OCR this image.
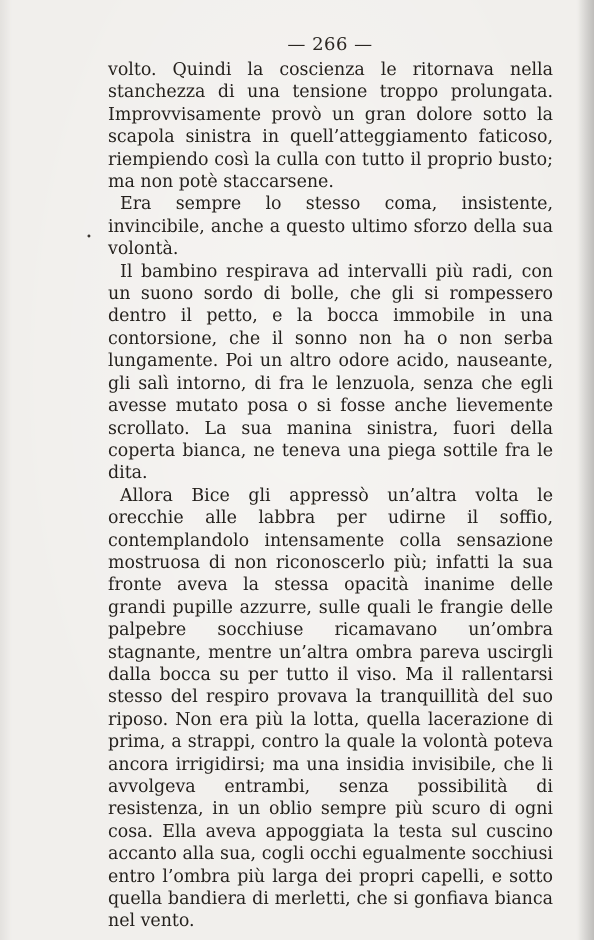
— 266 —
•

volto. Quindi la coscienza le ritornava nella stanchezza di una tensione troppo prolungata. Improvvisamente provò un gran dolore sotto la scapola sinistra in quell’atteggiamento faticoso, riempiendo così la culla con tutto il proprio busto; ma non potè staccarsene.

Era sempre lo stesso coma, insistente, invincibile, anche a questo ultimo sforzo della sua volontà.

Il bambino respirava ad intervalli più radi, con un suono sordo di bolle, che gli si rompessero dentro il petto, e la bocca immobile in una contorsione, che il sonno non ha o non serba lungamente. Poi un altro odore acido, nauseante, gli salì intorno, di fra le lenzuola, senza che egli avesse mutato posa o si fosse anche lievemente scrollato. La sua manina sinistra, fuori della coperta bianca, ne teneva una piega sottile fra le dita.

Allora Bice gli appressò un’altra volta le orecchie alle labbra per udirne il soffio, contemplandolo intensamente colla sensazione mostruosa di non riconoscerlo più; infatti la sua fronte aveva la stessa opacità inanime delle grandi pupille azzurre, sulle quali le frangie delle palpebre socchiuse ricamavano un’ombra stagnante, mentre un’altra ombra pareva uscirgli dalla bocca su per tutto il viso. Ma il rallentarsi stesso del respiro provava la tranquillità del suo riposo. Non era più la lotta, quella lacerazione di prima, a strappi, contro la quale la volontà poteva ancora irrigidirsi; ma una insidia invisibile, che li avvolgeva entrambi, senza possibilità di resistenza, in un oblio sempre più scuro di ogni cosa. Ella aveva appoggiata la testa sul cuscino accanto alla sua, cogli occhi egualmente socchiusi entro l’ombra più larga dei propri capelli, e sotto quella bandiera di merletti, che si gonfiava bianca nel vento.
